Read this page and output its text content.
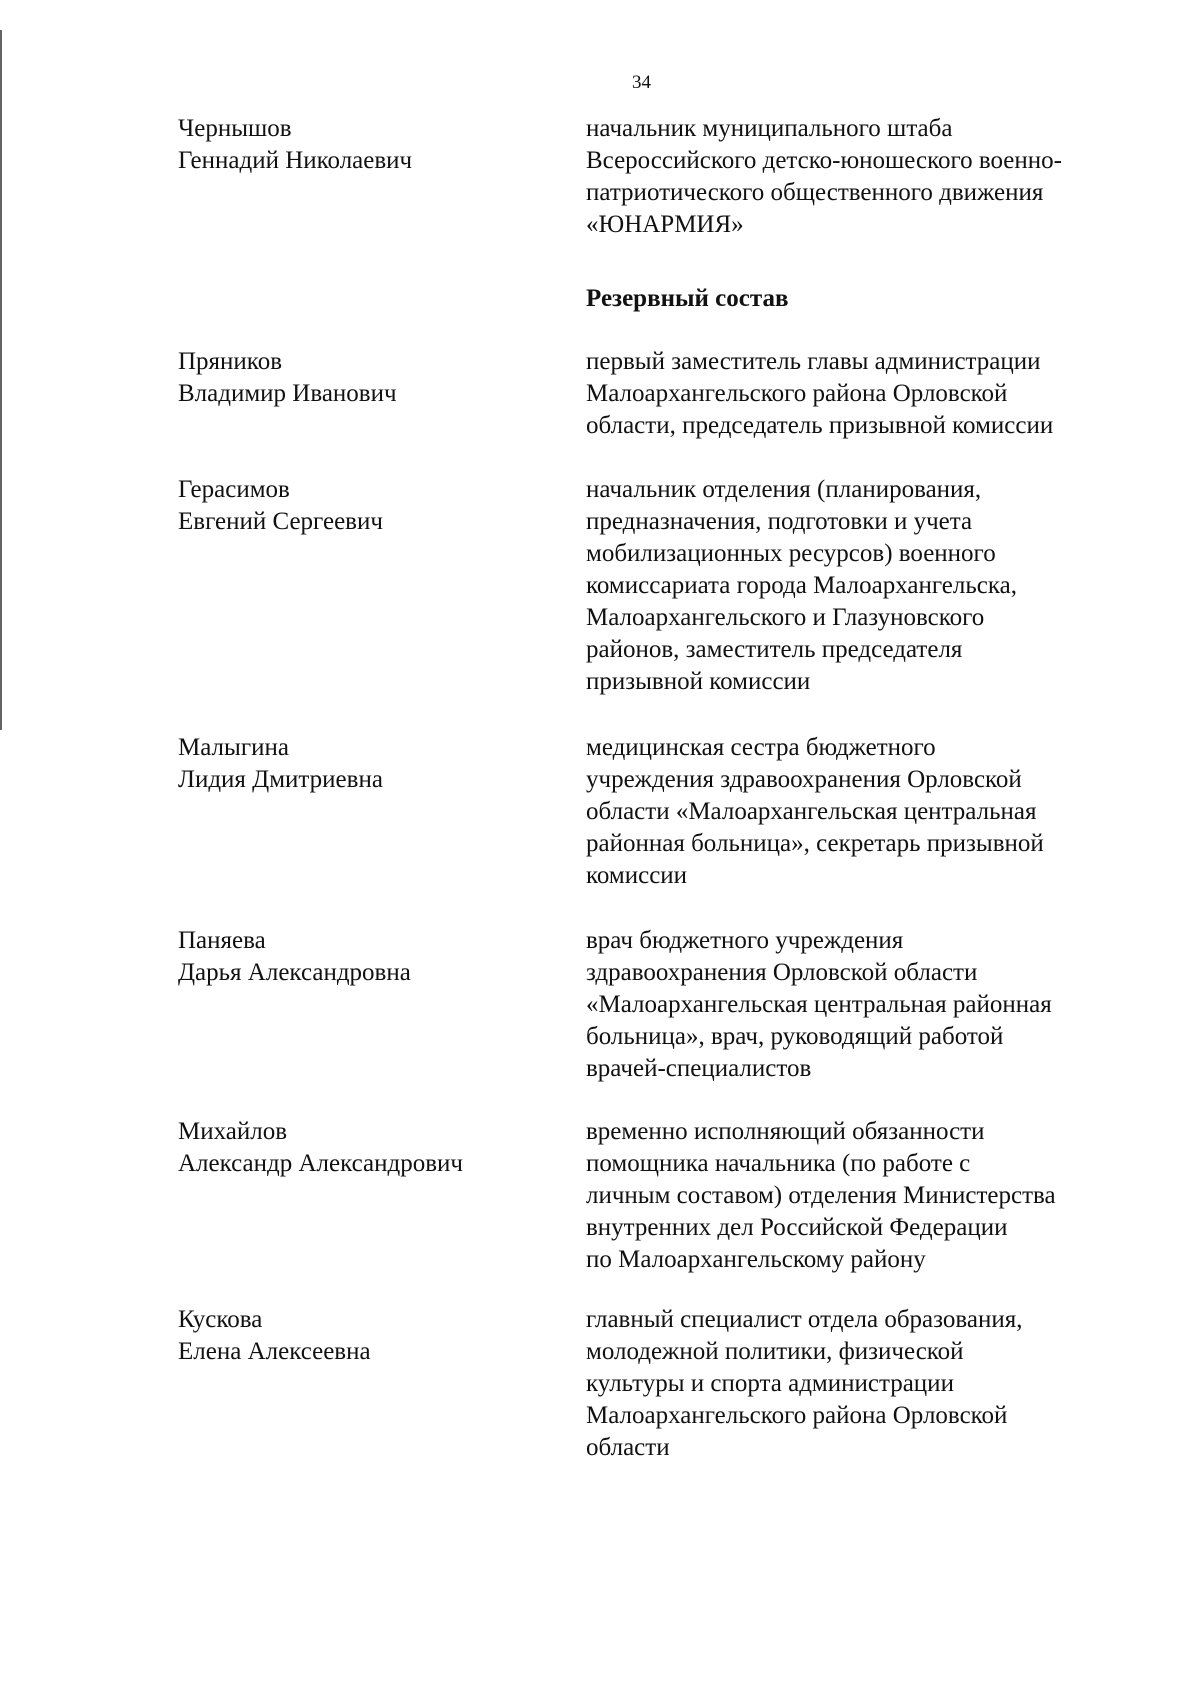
34
Резервный состав
Чернышов
Геннадий Николаевич
начальник муниципального штаба
Всероссийского детско-юношеского военно-
патриотического общественного движения
«ЮНАРМИЯ»
Пряников
Владимир Иванович
первый заместитель главы администрации
Малоархангельского района Орловской
области, председатель призывной комиссии
Герасимов
Евгений Сергеевич
начальник отделения (планирования,
предназначения, подготовки и учета
мобилизационных ресурсов) военного
комиссариата города Малоархангельска,
Малоархангельского и Глазуновского
районов, заместитель председателя
призывной комиссии
Малыгина
Лидия Дмитриевна
медицинская сестра бюджетного
учреждения здравоохранения Орловской
области «Малоархангельская центральная
районная больница», секретарь призывной
комиссии
Паняева
Дарья Александровна
врач бюджетного учреждения
здравоохранения Орловской области
«Малоархангельская центральная районная
больница», врач, руководящий работой
врачей-специалистов
Михайлов
Александр Александрович
временно исполняющий обязанности
помощника начальника (по работе с
личным составом) отделения Министерства
внутренних дел Российской Федерации
по Малоархангельскому району
Кускова
Елена Алексеевна
главный специалист отдела образования,
молодежной политики, физической
культуры и спорта администрации
Малоархангельского района Орловской
области
